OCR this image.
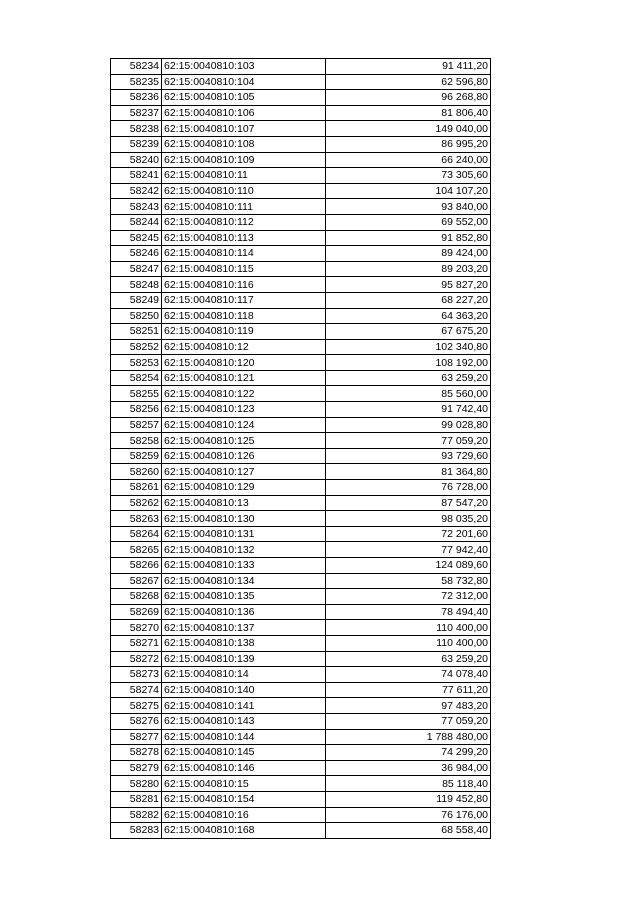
58234	62:15:0040810:103	91 411,20
58235	62:15:0040810:104	62 596,80
58236	62:15:0040810:105	96 268,80
58237	62:15:0040810:106	81 806,40
58238	62:15:0040810:107	149 040,00
58239	62:15:0040810:108	86 995,20
58240	62:15:0040810:109	66 240,00
58241	62:15:0040810:11	73 305,60
58242	62:15:0040810:110	104 107,20
58243	62:15:0040810:111	93 840,00
58244	62:15:0040810:112	69 552,00
58245	62:15:0040810:113	91 852,80
58246	62:15:0040810:114	89 424,00
58247	62:15:0040810:115	89 203,20
58248	62:15:0040810:116	95 827,20
58249	62:15:0040810:117	68 227,20
58250	62:15:0040810:118	64 363,20
58251	62:15:0040810:119	67 675,20
58252	62:15:0040810:12	102 340,80
58253	62:15:0040810:120	108 192,00
58254	62:15:0040810:121	63 259,20
58255	62:15:0040810:122	85 560,00
58256	62:15:0040810:123	91 742,40
58257	62:15:0040810:124	99 028,80
58258	62:15:0040810:125	77 059,20
58259	62:15:0040810:126	93 729,60
58260	62:15:0040810:127	81 364,80
58261	62:15:0040810:129	76 728,00
58262	62:15:0040810:13	87 547,20
58263	62:15:0040810:130	98 035,20
58264	62:15:0040810:131	72 201,60
58265	62:15:0040810:132	77 942,40
58266	62:15:0040810:133	124 089,60
58267	62:15:0040810:134	58 732,80
58268	62:15:0040810:135	72 312,00
58269	62:15:0040810:136	78 494,40
58270	62:15:0040810:137	110 400,00
58271	62:15:0040810:138	110 400,00
58272	62:15:0040810:139	63 259,20
58273	62:15:0040810:14	74 078,40
58274	62:15:0040810:140	77 611,20
58275	62:15:0040810:141	97 483,20
58276	62:15:0040810:143	77 059,20
58277	62:15:0040810:144	1 788 480,00
58278	62:15:0040810:145	74 299,20
58279	62:15:0040810:146	36 984,00
58280	62:15:0040810:15	85 118,40
58281	62:15:0040810:154	119 452,80
58282	62:15:0040810:16	76 176,00
58283	62:15:0040810:168	68 558,40
